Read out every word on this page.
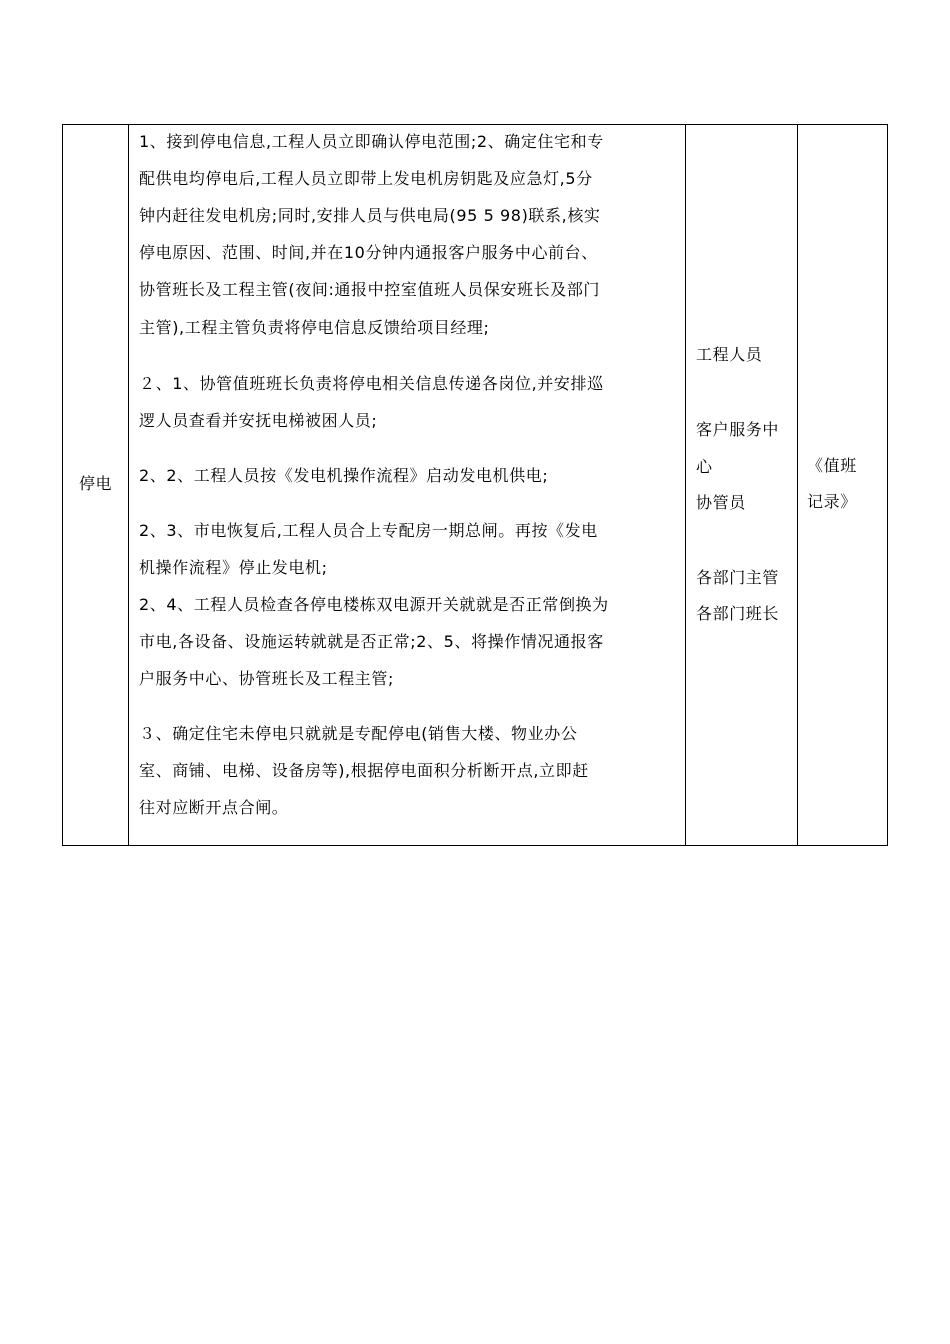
停电
1、接到停电信息,工程人员立即确认停电范围;2、确定住宅和专
配供电均停电后,工程人员立即带上发电机房钥匙及应急灯,5分
钟内赶往发电机房;同时,安排人员与供电局(95 5 98)联系,核实
停电原因、范围、时间,并在10分钟内通报客户服务中心前台、
协管班长及工程主管(夜间:通报中控室值班人员保安班长及部门
主管),工程主管负责将停电信息反馈给项目经理;
２、1、协管值班班长负责将停电相关信息传递各岗位,并安排巡
逻人员查看并安抚电梯被困人员;
2、2、工程人员按《发电机操作流程》启动发电机供电;
2、3、市电恢复后,工程人员合上专配房一期总闸。再按《发电
机操作流程》停止发电机;
2、4、工程人员检查各停电楼栋双电源开关就就是否正常倒换为
市电,各设备、设施运转就就是否正常;2、5、将操作情况通报客
户服务中心、协管班长及工程主管;
３、确定住宅未停电只就就是专配停电(销售大楼、物业办公
室、商铺、电梯、设备房等),根据停电面积分析断开点,立即赶
往对应断开点合闸。
工程人员
客户服务中
心
协管员
各部门主管
各部门班长
《值班
记录》
